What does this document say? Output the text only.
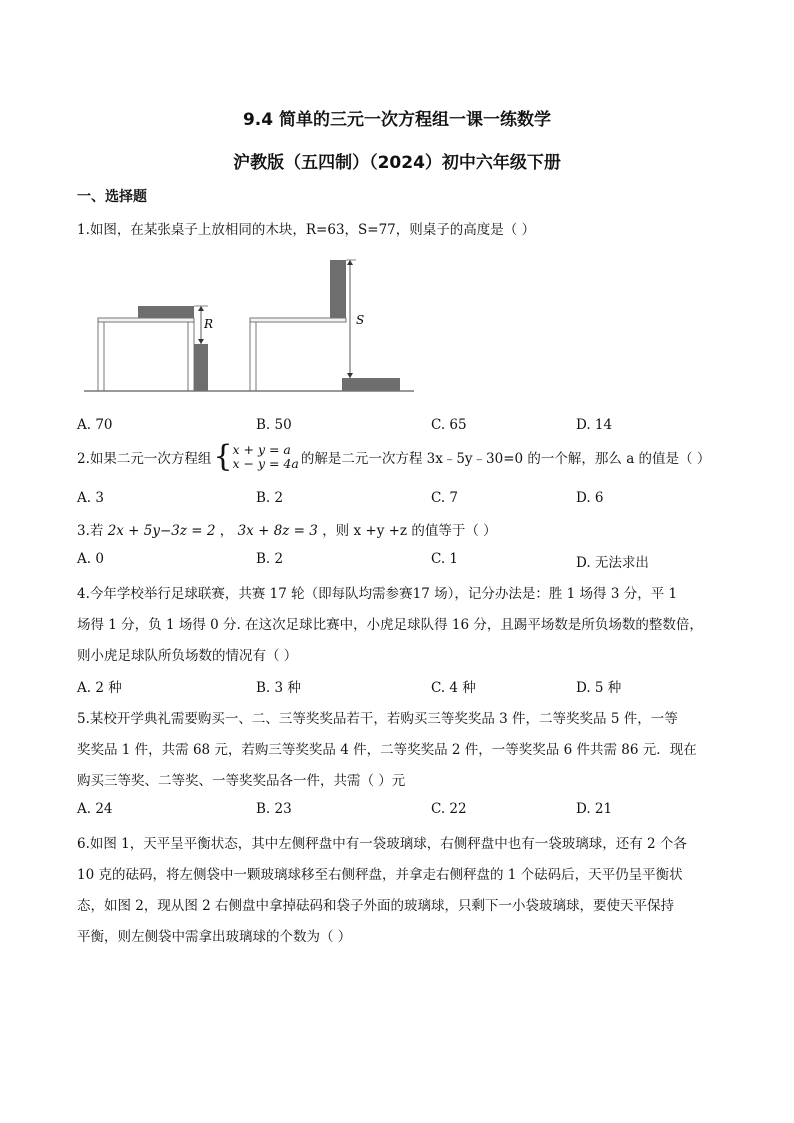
9.4 简单的三元一次方程组一课一练数学
沪教版（五四制）（2024）初中六年级下册
一、选择题
1.如图，在某张桌子上放相同的木块，R=63，S=77，则桌子的高度是（ ）
R	S
A. 70	B. 50	C. 65	D. 14
2.如果二元一次方程组{ x + y = a
x − y = 4a 的解是二元一次方程 3x﹣5y﹣30=0 的一个解，那么 a 的值是（ ）
A. 3	B. 2	C. 7	D. 6
3.若 2x + 5y−3z = 2 ， 3x + 8z = 3 ，则 x +y +z 的值等于（ ）
A. 0	B. 2	C. 1	D. 无法求出
4.今年学校举行足球联赛，共赛 17 轮（即每队均需参赛17 场），记分办法是：胜 1 场得 3 分，平 1
场得 1 分，负 1 场得 0 分. 在这次足球比赛中，小虎足球队得 16 分，且踢平场数是所负场数的整数倍，
则小虎足球队所负场数的情况有（ ）
A. 2 种	B. 3 种	C. 4 种	D. 5 种
5.某校开学典礼需要购买一、二、三等奖奖品若干，若购买三等奖奖品 3 件，二等奖奖品 5 件，一等
奖奖品 1 件，共需 68 元，若购三等奖奖品 4 件，二等奖奖品 2 件，一等奖奖品 6 件共需 86 元．现在
购买三等奖、二等奖、一等奖奖品各一件，共需（ ）元
A. 24	B. 23	C. 22	D. 21
6.如图 1，天平呈平衡状态，其中左侧秤盘中有一袋玻璃球，右侧秤盘中也有一袋玻璃球，还有 2 个各
10 克的砝码，将左侧袋中一颗玻璃球移至右侧秤盘，并拿走右侧秤盘的 1 个砝码后，天平仍呈平衡状
态，如图 2，现从图 2 右侧盘中拿掉砝码和袋子外面的玻璃球，只剩下一小袋玻璃球，要使天平保持
平衡，则左侧袋中需拿出玻璃球的个数为（ ）
